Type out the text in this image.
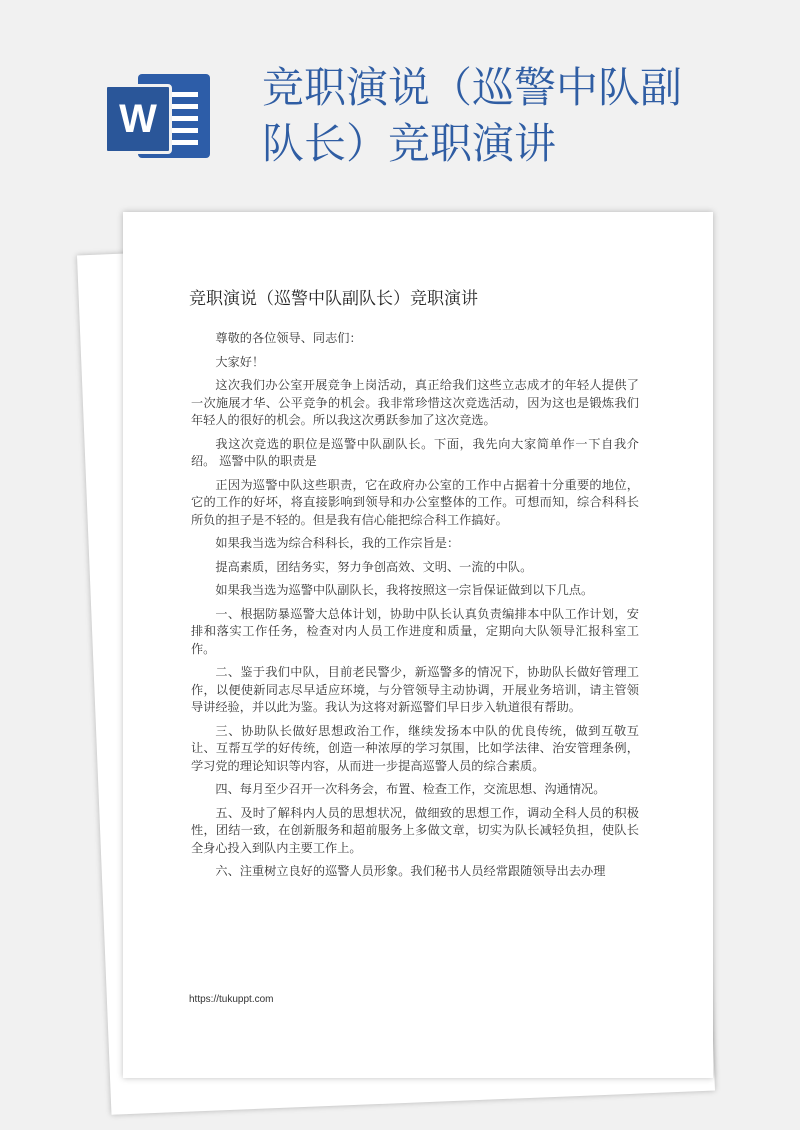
W
竞职演说（巡警中队副队长）竞职演讲
竞职演说（巡警中队副队长）竞职演讲

尊敬的各位领导、同志们：

大家好！

这次我们办公室开展竞争上岗活动，真正给我们这些立志成才的年轻人提供了一次施展才华、公平竞争的机会。我非常珍惜这次竞选活动，因为这也是锻炼我们年轻人的很好的机会。所以我这次勇跃参加了这次竞选。

我这次竞选的职位是巡警中队副队长。下面，我先向大家简单作一下自我介绍。 巡警中队的职责是

正因为巡警中队这些职责，它在政府办公室的工作中占据着十分重要的地位，它的工作的好坏，将直接影响到领导和办公室整体的工作。可想而知，综合科科长所负的担子是不轻的。但是我有信心能把综合科工作搞好。

如果我当选为综合科科长，我的工作宗旨是：

提高素质，团结务实，努力争创高效、文明、一流的中队。

如果我当选为巡警中队副队长，我将按照这一宗旨保证做到以下几点。

一、根据防暴巡警大总体计划，协助中队长认真负责编排本中队工作计划，安排和落实工作任务，检查对内人员工作进度和质量，定期向大队领导汇报科室工作。

二、鉴于我们中队，目前老民警少，新巡警多的情况下，协助队长做好管理工作，以便使新同志尽早适应环境，与分管领导主动协调，开展业务培训，请主管领导讲经验，并以此为鉴。我认为这将对新巡警们早日步入轨道很有帮助。

三、协助队长做好思想政治工作，继续发扬本中队的优良传统，做到互敬互让、互帮互学的好传统，创造一种浓厚的学习氛围，比如学法律、治安管理条例，学习党的理论知识等内容，从而进一步提高巡警人员的综合素质。

四、每月至少召开一次科务会，布置、检查工作，交流思想、沟通情况。

五、及时了解科内人员的思想状况，做细致的思想工作，调动全科人员的积极性，团结一致，在创新服务和超前服务上多做文章，切实为队长减轻负担，使队长全身心投入到队内主要工作上。

六、注重树立良好的巡警人员形象。我们秘书人员经常跟随领导出去办理

https://tukuppt.com
